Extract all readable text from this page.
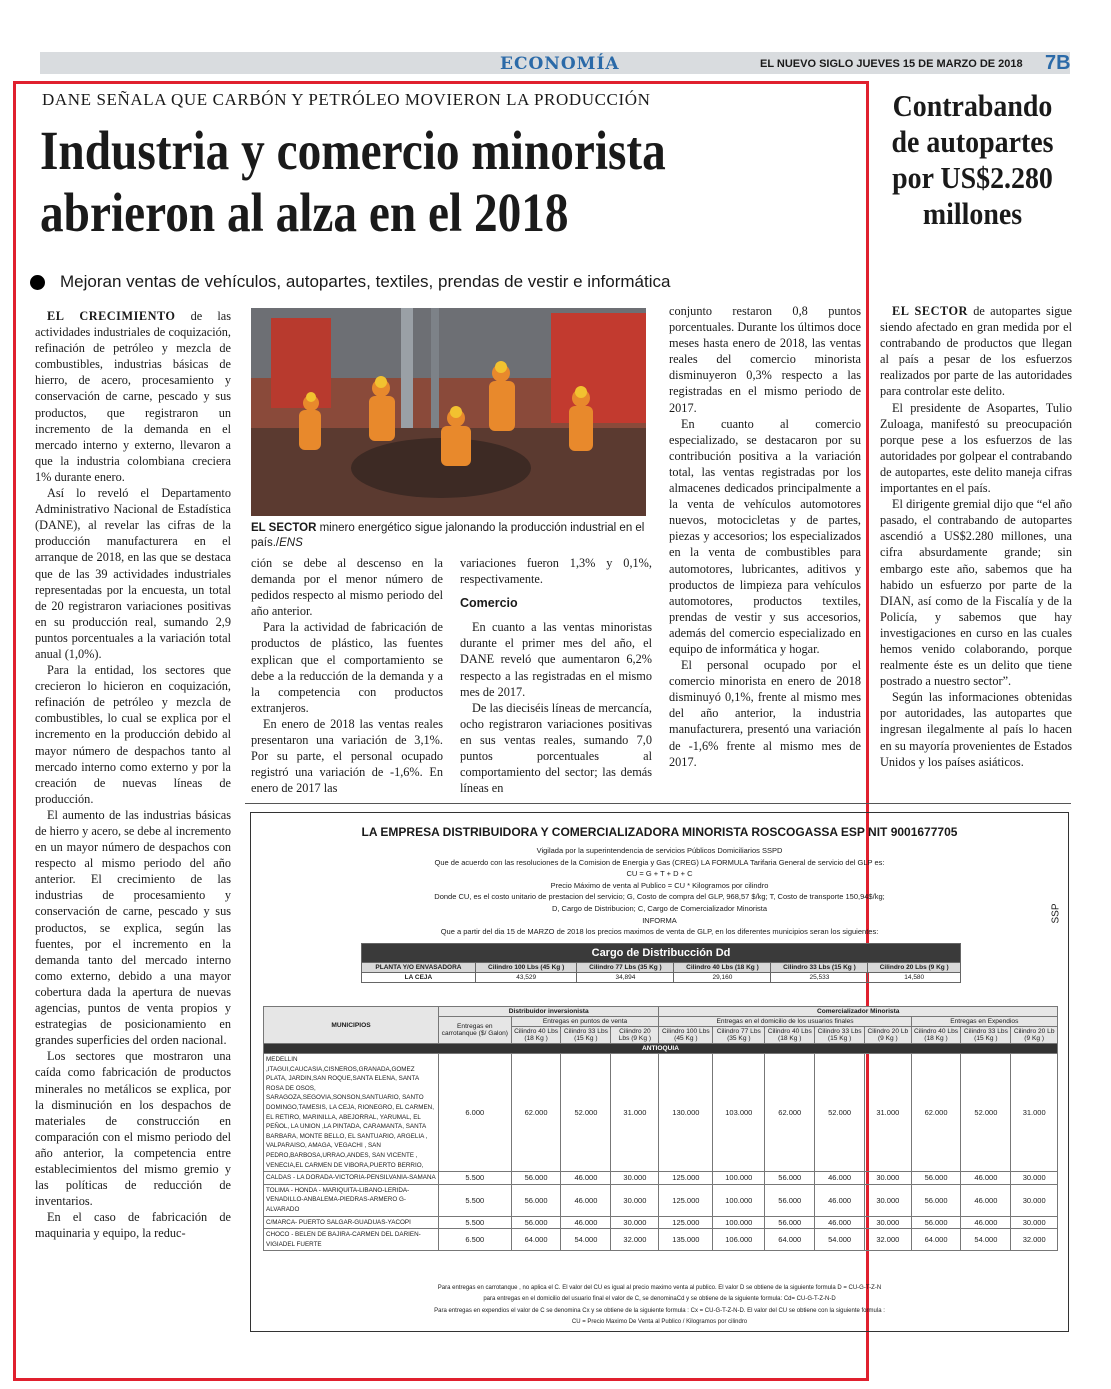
ECONOMÍA	EL NUEVO SIGLO JUEVES 15 DE MARZO DE 2018 7B
DANE SEÑALA QUE CARBÓN Y PETRÓLEO MOVIERON LA PRODUCCIÓN
Industria y comercio minorista
abrieron al alza en el 2018
Mejoran ventas de vehículos, autopartes, textiles, prendas de vestir e informática

EL CRECIMIENTO de las actividades industriales de coquización, refinación de petróleo y mezcla de combustibles, industrias básicas de hierro, de acero, procesamiento y conservación de carne, pescado y sus productos, que registraron un incremento de la demanda en el mercado interno y externo, llevaron a que la industria colombiana creciera 1% durante enero.

Así lo reveló el Departamento Administrativo Nacional de Estadística (DANE), al revelar las cifras de la producción manufacturera en el arranque de 2018, en las que se destaca que de las 39 actividades industriales representadas por la encuesta, un total de 20 registraron variaciones positivas en su producción real, sumando 2,9 puntos porcentuales a la variación total anual (1,0%).

Para la entidad, los sectores que crecieron lo hicieron en coquización, refinación de petróleo y mezcla de combustibles, lo cual se explica por el incremento en la producción debido al mayor número de despachos tanto al mercado interno como externo y por la creación de nuevas líneas de producción.

El aumento de las industrias básicas de hierro y acero, se debe al incremento en un mayor número de despachos con respecto al mismo periodo del año anterior. El crecimiento de las industrias de procesamiento y conservación de carne, pescado y sus productos, se explica, según las fuentes, por el incremento en la demanda tanto del mercado interno como externo, debido a una mayor cobertura dada la apertura de nuevas agencias, puntos de venta propios y estrategias de posicionamiento en grandes superficies del orden nacional.

Los sectores que mostraron una caída como fabricación de productos minerales no metálicos se explica, por la disminución en los despachos de materiales de construcción en comparación con el mismo periodo del año anterior, la competencia entre establecimientos del mismo gremio y las políticas de reducción de inventarios.

En el caso de fabricación de maquinaria y equipo, la reduc-

EL SECTOR minero energético sigue jalonando la producción industrial en el país./ENS

ción se debe al descenso en la demanda por el menor número de pedidos respecto al mismo periodo del año anterior.

Para la actividad de fabricación de productos de plástico, las fuentes explican que el comportamiento se debe a la reducción de la demanda y a la competencia con productos extranjeros.

En enero de 2018 las ventas reales presentaron una variación de 3,1%. Por su parte, el personal ocupado registró una variación de -1,6%. En enero de 2017 las

variaciones fueron 1,3% y 0,1%, respectivamente.

Comercio

En cuanto a las ventas minoristas durante el primer mes del año, el DANE reveló que aumentaron 6,2% respecto a las registradas en el mismo mes de 2017.

De las dieciséis líneas de mercancía, ocho registraron variaciones positivas en sus ventas reales, sumando 7,0 puntos porcentuales al comportamiento del sector; las demás líneas en

conjunto restaron 0,8 puntos porcentuales. Durante los últimos doce meses hasta enero de 2018, las ventas reales del comercio minorista disminuyeron 0,3% respecto a las registradas en el mismo periodo de 2017.

En cuanto al comercio especializado, se destacaron por su contribución positiva a la variación total, las ventas registradas por los almacenes dedicados principalmente a la venta de vehículos automotores nuevos, motocicletas y de partes, piezas y accesorios; los especializados en la venta de combustibles para automotores, lubricantes, aditivos y productos de limpieza para vehículos automotores, productos textiles, prendas de vestir y sus accesorios, además del comercio especializado en equipo de informática y hogar.

El personal ocupado por el comercio minorista en enero de 2018 disminuyó 0,1%, frente al mismo mes del año anterior, la industria manufacturera, presentó una variación de -1,6% frente al mismo mes de 2017.

Contrabando
de autopartes
por US$2.280
millones

EL SECTOR de autopartes sigue siendo afectado en gran medida por el contrabando de productos que llegan al país a pesar de los esfuerzos realizados por parte de las autoridades para controlar este delito.

El presidente de Asopartes, Tulio Zuloaga, manifestó su preocupación porque pese a los esfuerzos de las autoridades por golpear el contrabando de autopartes, este delito maneja cifras importantes en el país.

El dirigente gremial dijo que “el año pasado, el contrabando de autopartes ascendió a US$2.280 millones, una cifra absurdamente grande; sin embargo este año, sabemos que ha habido un esfuerzo por parte de la DIAN, así como de la Fiscalía y de la Policía, y sabemos que hay investigaciones en curso en las cuales hemos venido colaborando, porque realmente éste es un delito que tiene postrado a nuestro sector”.

Según las informaciones obtenidas por autoridades, las autopartes que ingresan ilegalmente al país lo hacen en su mayoría provenientes de Estados Unidos y los países asiáticos.

LA EMPRESA DISTRIBUIDORA Y COMERCIALIZADORA MINORISTA ROSCOGASSA ESP NIT 9001677705
Vigilada por la superintendencia de servicios Públicos Domiciliarios SSPD
Que de acuerdo con las resoluciones de la Comision de Energia y Gas (CREG) LA FORMULA Tarifaria General de servicio del GLP es:
CU = G + T + D + C
Precio Máximo de venta al Publico = CU * Kilogramos por cilindro
Donde CU, es el costo unitario de prestacion del servicio; G, Costo de compra del GLP, 968,57 $/kg; T, Costo de transporte 150,94$/kg;
D, Cargo de Distribucion; C, Cargo de Comercializador Minorista
INFORMA
Que a partir del dia 15 de MARZO de 2018 los precios maximos de venta de GLP, en los diferentes municipios seran los siguientes:
SSP
Cargo de Distribucción Dd					
PLANTA Y/O ENVASADORA	Cilindro 100 Lbs (45 Kg )	Cilindro 77 Lbs (35 Kg )	Cilindro 40 Lbs (18 Kg )	Cilindro 33 Lbs (15 Kg )	Cilindro 20 Lbs (9 Kg )
LA CEJA	43,529	34,894	29,160	25,533	14,580
MUNICIPIOS	Distribuidor inversionista				Comercializador Minorista							
	Entregas en carrotanque ($/ Galon)	Entregas en puntos de venta			Entregas en el domicilio de los usuarios finales					Entregas en Expendios		
		Cilindro 40 Lbs (18 Kg )	Cilindro 33 Lbs (15 Kg )	Cilindro 20 Lbs (9 Kg )	Cilindro 100 Lbs (45 Kg )	Cilindro 77 Lbs (35 Kg )	Cilindro 40 Lbs (18 Kg )	Cilindro 33 Lbs (15 Kg )	Cilindro 20 Lb (9 Kg )	Cilindro 40 Lbs (18 Kg )	Cilindro 33 Lbs (15 Kg )	Cilindro 20 Lb (9 Kg )
ANTIOQUIA												
MEDELLIN ,ITAGUI,CAUCASIA,CISNEROS,GRANADA,GOMEZ PLATA, JARDIN,SAN ROQUE,SANTA ELENA, SANTA ROSA DE OSOS, SARAGOZA,SEGOVIA,SONSON,SANTUARIO, SANTO DOMINGO,TAMESIS, LA CEJA, RIONEGRO, EL CARMEN, EL RETIRO, MARINILLA, ABEJORRAL, YARUMAL, EL PEÑOL, LA UNION ,LA PINTADA, CARAMANTA, SANTA BARBARA, MONTE BELLO, EL SANTUARIO, ARGELIA , VALPARAISO, AMAGA, VEGACHI , SAN PEDRO,BARBOSA,URRAO,ANDES, SAN VICENTE , VENECIA,EL CARMEN DE VIBORA,PUERTO BERRIO,	6.000	62.000	52.000	31.000	130.000	103.000	62.000	52.000	31.000	62.000	52.000	31.000
CALDAS - LA DORADA-VICTORIA-PENSILVANIA-SAMANA	5.500	56.000	46.000	30.000	125.000	100.000	56.000	46.000	30.000	56.000	46.000	30.000
TOLIMA - HONDA - MARIQUITA-LIBANO-LERIDA-VENADILLO-ANBALEMA-PIEDRAS-ARMERO G-ALVARADO	5.500	56.000	46.000	30.000	125.000	100.000	56.000	46.000	30.000	56.000	46.000	30.000
C/MARCA- PUERTO SALGAR-GUADUAS-YACOPI	5.500	56.000	46.000	30.000	125.000	100.000	56.000	46.000	30.000	56.000	46.000	30.000
CHOCO - BELEN DE BAJIRA-CARMEN DEL DARIEN-VIGIADEL FUERTE	6.500	64.000	54.000	32.000	135.000	106.000	64.000	54.000	32.000	64.000	54.000	32.000
Para entregas en carrotanque , no aplica el C. El valor del CU es igual al precio maximo venta al publico. El valor D se obtiene de la siguiente formula D = CU-G-T-Z-N
para entregas en el domicilio del usuario final el valor de C, se denominaCd y se obtiene de la siguiente formula: Cd= CU-G-T-Z-N-D
Para entregas en expendios el valor de C se denomina Cx y se obtiene de la siguiente formula : Cx = CU-G-T-Z-N-D. El valor del CU se obtiene con la siguiente formula :
CU = Precio Maximo De Venta al Publico / Kilogramos por cilindro
